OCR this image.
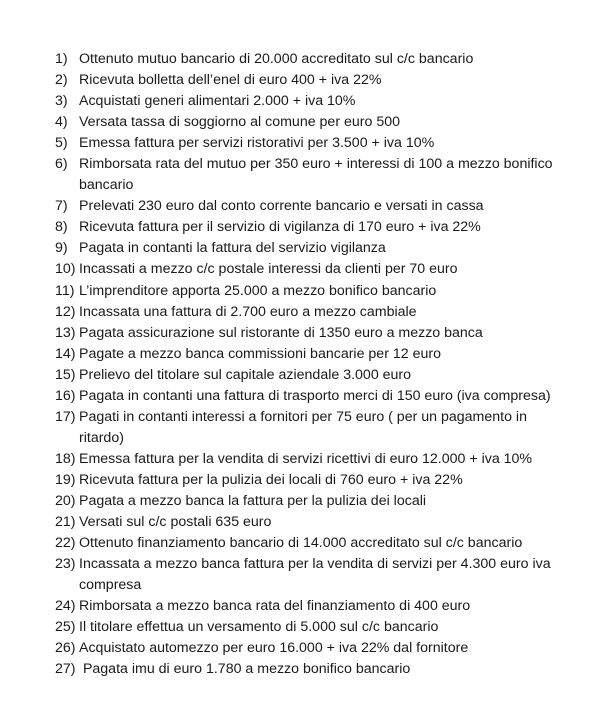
1) Ottenuto mutuo bancario di 20.000 accreditato sul c/c bancario
2) Ricevuta bolletta dell’enel di euro 400 + iva 22%
3) Acquistati generi alimentari 2.000 + iva 10%
4) Versata tassa di soggiorno al comune per euro 500
5) Emessa fattura per servizi ristorativi per 3.500 + iva 10%
6) Rimborsata rata del mutuo per 350 euro + interessi di 100 a mezzo bonifico
bancario
7) Prelevati 230 euro dal conto corrente bancario e versati in cassa
8) Ricevuta fattura per il servizio di vigilanza di 170 euro + iva 22%
9) Pagata in contanti la fattura del servizio vigilanza
10) Incassati a mezzo c/c postale interessi da clienti per 70 euro
11) L’imprenditore apporta 25.000 a mezzo bonifico bancario
12) Incassata una fattura di 2.700 euro a mezzo cambiale
13) Pagata assicurazione sul ristorante di 1350 euro a mezzo banca
14) Pagate a mezzo banca commissioni bancarie per 12 euro
15) Prelievo del titolare sul capitale aziendale 3.000 euro
16) Pagata in contanti una fattura di trasporto merci di 150 euro (iva compresa)
17) Pagati in contanti interessi a fornitori per 75 euro ( per un pagamento in
ritardo)
18) Emessa fattura per la vendita di servizi ricettivi di euro 12.000 + iva 10%
19) Ricevuta fattura per la pulizia dei locali di 760 euro + iva 22%
20) Pagata a mezzo banca la fattura per la pulizia dei locali
21) Versati sul c/c postali 635 euro
22) Ottenuto finanziamento bancario di 14.000 accreditato sul c/c bancario
23) Incassata a mezzo banca fattura per la vendita di servizi per 4.300 euro iva
compresa
24) Rimborsata a mezzo banca rata del finanziamento di 400 euro
25) Il titolare effettua un versamento di 5.000 sul c/c bancario
26) Acquistato automezzo per euro 16.000 + iva 22% dal fornitore
27) Pagata imu di euro 1.780 a mezzo bonifico bancario
